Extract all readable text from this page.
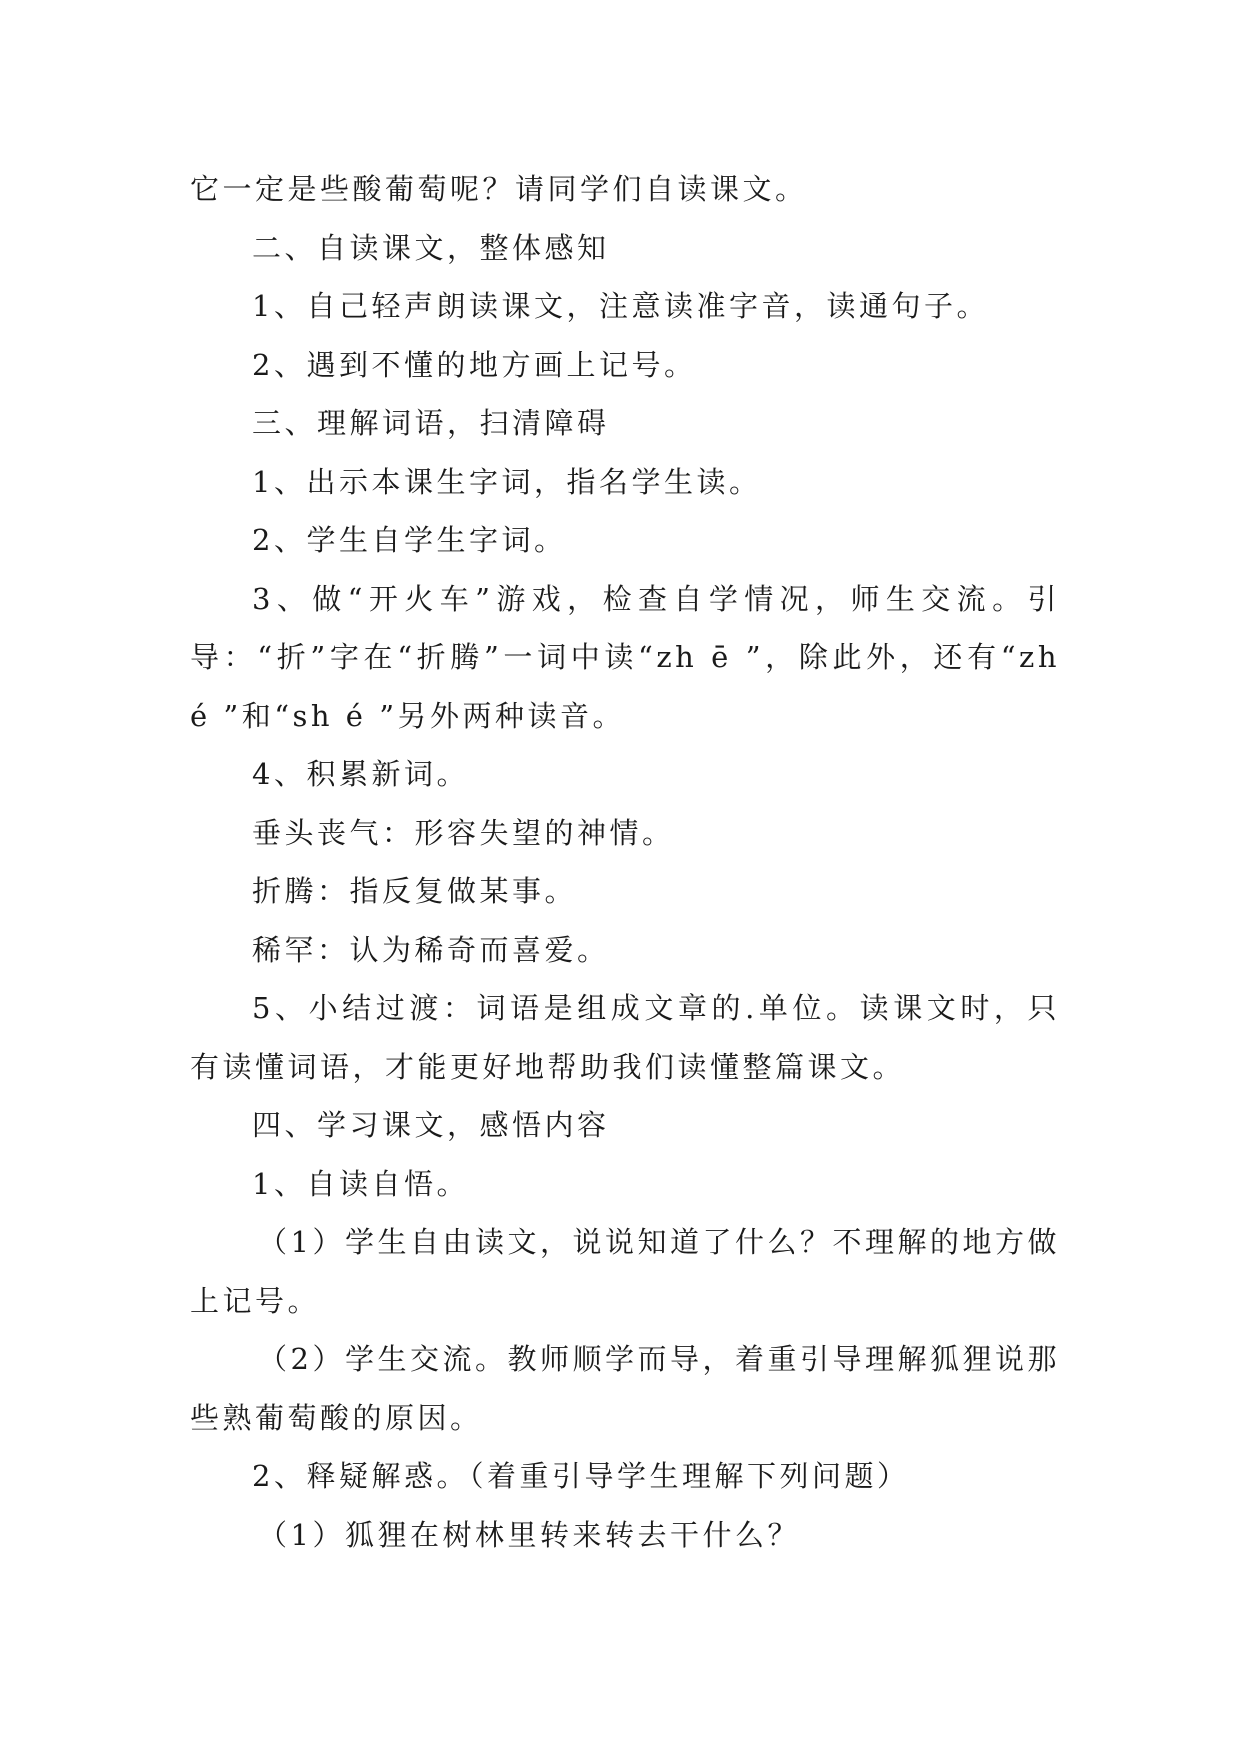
它一定是些酸葡萄呢？请同学们自读课文。

二、自读课文，整体感知

1、自己轻声朗读课文，注意读准字音，读通句子。

2、遇到不懂的地方画上记号。

三、理解词语，扫清障碍

1、出示本课生字词，指名学生读。

2、学生自学生字词。

3、做“开火车”游戏，检查自学情况，师生交流。引导：“折”字在“折腾”一词中读“zh ē ”，除此外，还有“zh é ”和“sh é ”另外两种读音。

4、积累新词。

垂头丧气：形容失望的神情。

折腾：指反复做某事。

稀罕：认为稀奇而喜爱。

5、小结过渡：词语是组成文章的.单位。读课文时，只有读懂词语，才能更好地帮助我们读懂整篇课文。

四、学习课文，感悟内容

1、自读自悟。

（1）学生自由读文，说说知道了什么？不理解的地方做上记号。

（2）学生交流。教师顺学而导，着重引导理解狐狸说那些熟葡萄酸的原因。

2、释疑解惑。（着重引导学生理解下列问题）

（1）狐狸在树林里转来转去干什么？
